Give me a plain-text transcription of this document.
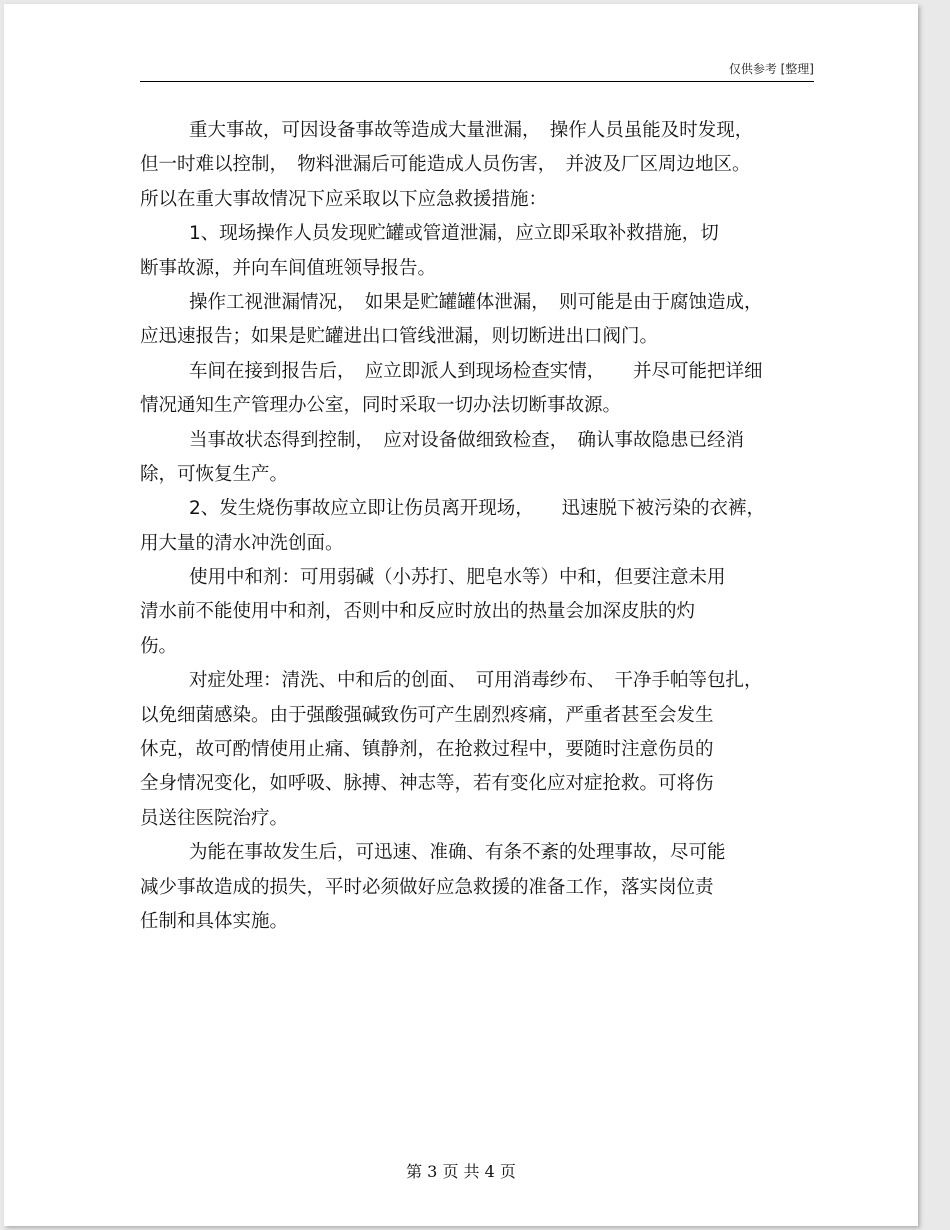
仅供参考 [整理]
重大事故，可因设备事故等造成大量泄漏，　操作人员虽能及时发现，
但一时难以控制，　物料泄漏后可能造成人员伤害，　并波及厂区周边地区。
所以在重大事故情况下应采取以下应急救援措施：
1、现场操作人员发现贮罐或管道泄漏，应立即采取补救措施，切
断事故源，并向车间值班领导报告。
操作工视泄漏情况，　如果是贮罐罐体泄漏，　则可能是由于腐蚀造成，
应迅速报告；如果是贮罐进出口管线泄漏，则切断进出口阀门。
车间在接到报告后，　应立即派人到现场检查实情，　　并尽可能把详细
情况通知生产管理办公室，同时采取一切办法切断事故源。
当事故状态得到控制，　应对设备做细致检查，　确认事故隐患已经消
除，可恢复生产。
2、发生烧伤事故应立即让伤员离开现场，　　迅速脱下被污染的衣裤，
用大量的清水冲洗创面。
使用中和剂：可用弱碱（小苏打、肥皂水等）中和，但要注意未用
清水前不能使用中和剂，否则中和反应时放出的热量会加深皮肤的灼
伤。
对症处理：清洗、中和后的创面、　可用消毒纱布、　干净手帕等包扎，
以免细菌感染。由于强酸强碱致伤可产生剧烈疼痛，严重者甚至会发生
休克，故可酌情使用止痛、镇静剂，在抢救过程中，要随时注意伤员的
全身情况变化，如呼吸、脉搏、神志等，若有变化应对症抢救。可将伤
员送往医院治疗。
为能在事故发生后，可迅速、准确、有条不紊的处理事故，尽可能
减少事故造成的损失，平时必须做好应急救援的准备工作，落实岗位责
任制和具体实施。
第 3 页 共 4 页
